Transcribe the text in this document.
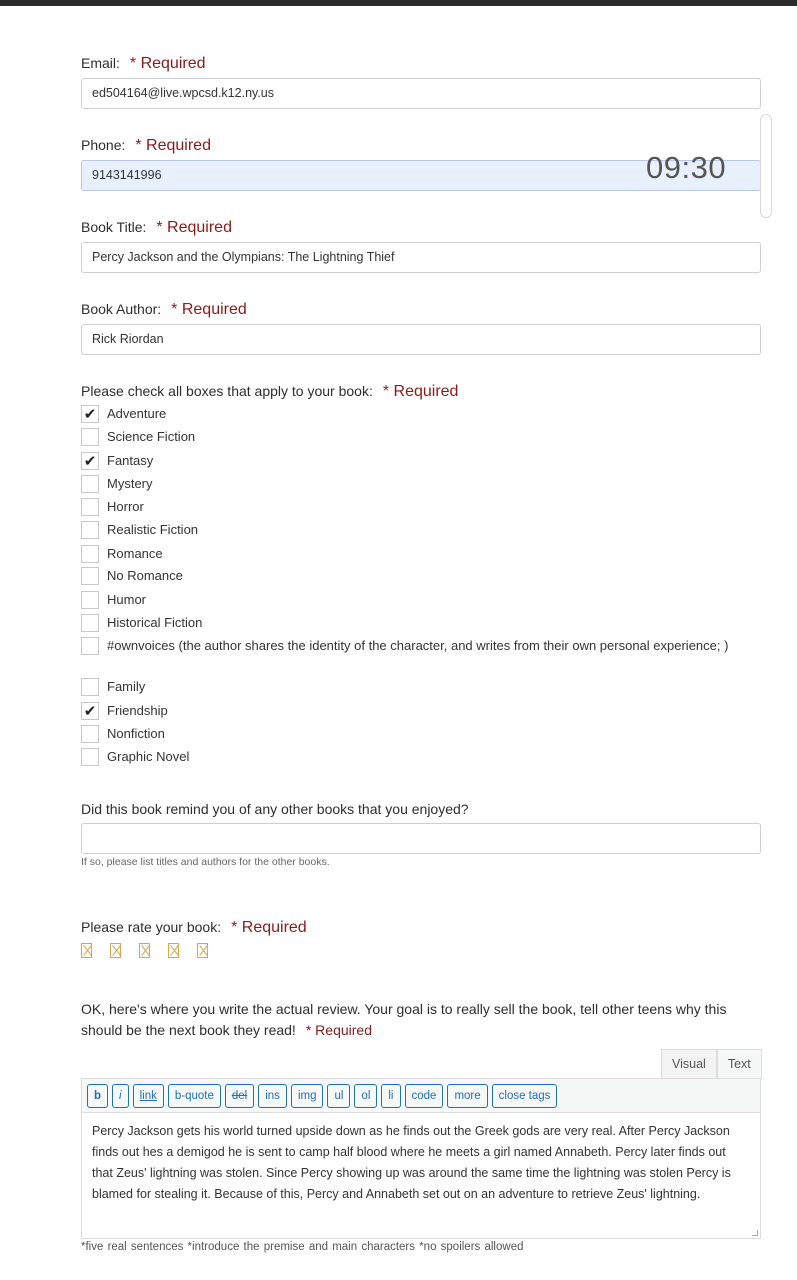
Email: * Required
ed504164@live.wpcsd.k12.ny.us
Phone: * Required
9143141996	09:30
Book Title: * Required
Percy Jackson and the Olympians: The Lightning Thief
Book Author: * Required
Rick Riordan
Please check all boxes that apply to your book: * Required
✔ Adventure
Science Fiction
✔ Fantasy
Mystery
Horror
Realistic Fiction
Romance
No Romance
Humor
Historical Fiction
#ownvoices (the author shares the identity of the character, and writes from their own personal experience; )
Family
✔ Friendship
Nonfiction
Graphic Novel
Did this book remind you of any other books that you enjoyed?
If so, please list titles and authors for the other books.
Please rate your book: * Required
OK, here's where you write the actual review. Your goal is to really sell the book, tell other teens why this should be the next book they read! * Required
Visual	Text
b	i	link	b-quote	del	ins	img	ul	ol	li	code	more	close tags
Percy Jackson gets his world turned upside down as he finds out the Greek gods are very real. After Percy Jackson finds out hes a demigod he is sent to camp half blood where he meets a girl named Annabeth. Percy later finds out that Zeus' lightning was stolen. Since Percy showing up was around the same time the lightning was stolen Percy is blamed for stealing it. Because of this, Percy and Annabeth set out on an adventure to retrieve Zeus' lightning.
*five real sentences *introduce the premise and main characters *no spoilers allowed
